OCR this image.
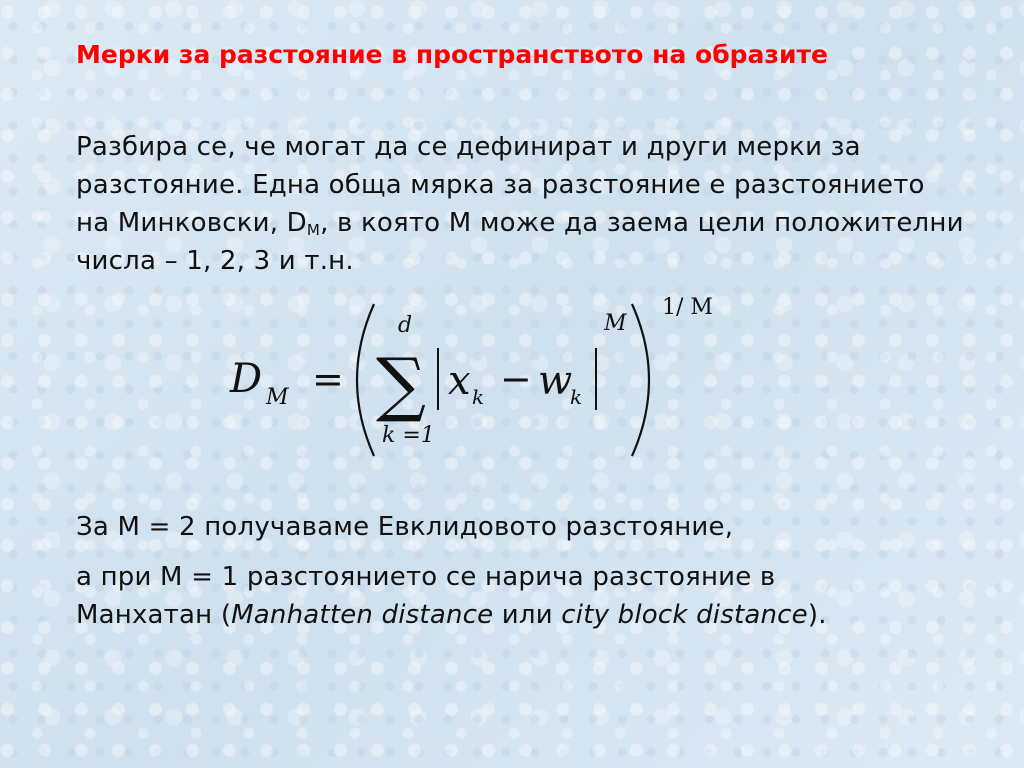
Мерки за разстояние в пространството на образите
Разбира се, че могат да се дефинират и други мерки за разстояние. Една обща мярка за разстояние е разстоянието на Минковски, $D_M$, в която М може да заема цели положителни числа – 1, 2, 3 и т.н.
D M =
d
∑
k =1
x k − w
k
M
1/ M
За М = 2 получаваме Евклидовото разстояние,
а при М = 1 разстоянието се нарича разстояние в
Манхатан (Manhatten distance или city block distance).
